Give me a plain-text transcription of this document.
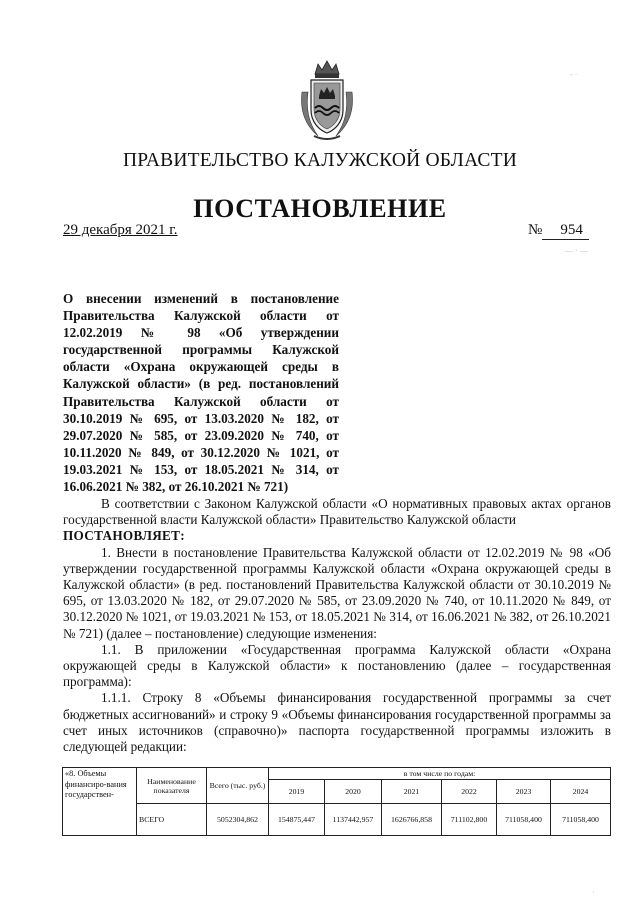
ПРАВИТЕЛЬСТВО КАЛУЖСКОЙ ОБЛАСТИ
ПОСТАНОВЛЕНИЕ
29 декабря 2021 г.	№ 954
О внесении изменений в постановление Правительства Калужской области от 12.02.2019 № 98 «Об утверждении государственной программы Калужской области «Охрана окружающей среды в Калужской области» (в ред. постановлений Правительства Калужской области от 30.10.2019 № 695, от 13.03.2020 № 182, от 29.07.2020 № 585, от 23.09.2020 № 740, от 10.11.2020 № 849, от 30.12.2020 № 1021, от 19.03.2021 № 153, от 18.05.2021 № 314, от 16.06.2021 № 382, от 26.10.2021 № 721)

В соответствии с Законом Калужской области «О нормативных правовых актах органов государственной власти Калужской области» Правительство Калужской области

ПОСТАНОВЛЯЕТ:

1. Внести в постановление Правительства Калужской области от 12.02.2019 № 98 «Об утверждении государственной программы Калужской области «Охрана окружающей среды в Калужской области» (в ред. постановлений Правительства Калужской области от 30.10.2019 № 695, от 13.03.2020 № 182, от 29.07.2020 № 585, от 23.09.2020 № 740, от 10.11.2020 № 849, от 30.12.2020 № 1021, от 19.03.2021 № 153, от 18.05.2021 № 314, от 16.06.2021 № 382, от 26.10.2021 № 721) (далее – постановление) следующие изменения:

1.1. В приложении «Государственная программа Калужской области «Охрана окружающей среды в Калужской области» к постановлению (далее – государственная программа):

1.1.1. Строку 8 «Объемы финансирования государственной программы за счет бюджетных ассигнований» и строку 9 «Объемы финансирования государственной программы за счет иных источников (справочно)» паспорта государственной программы изложить в следующей редакции:

«8. Объемы финансиро-вания государствен-	Наименование показателя	Всего (тыс. руб.)	в том числе по годам:					
			2019	2020	2021	2022	2023	2024
	ВСЕГО	5052304,862	154875,447	1137442,957	1626766,858	711102,800	711058,400	711058,400
- ·
— · —
·
